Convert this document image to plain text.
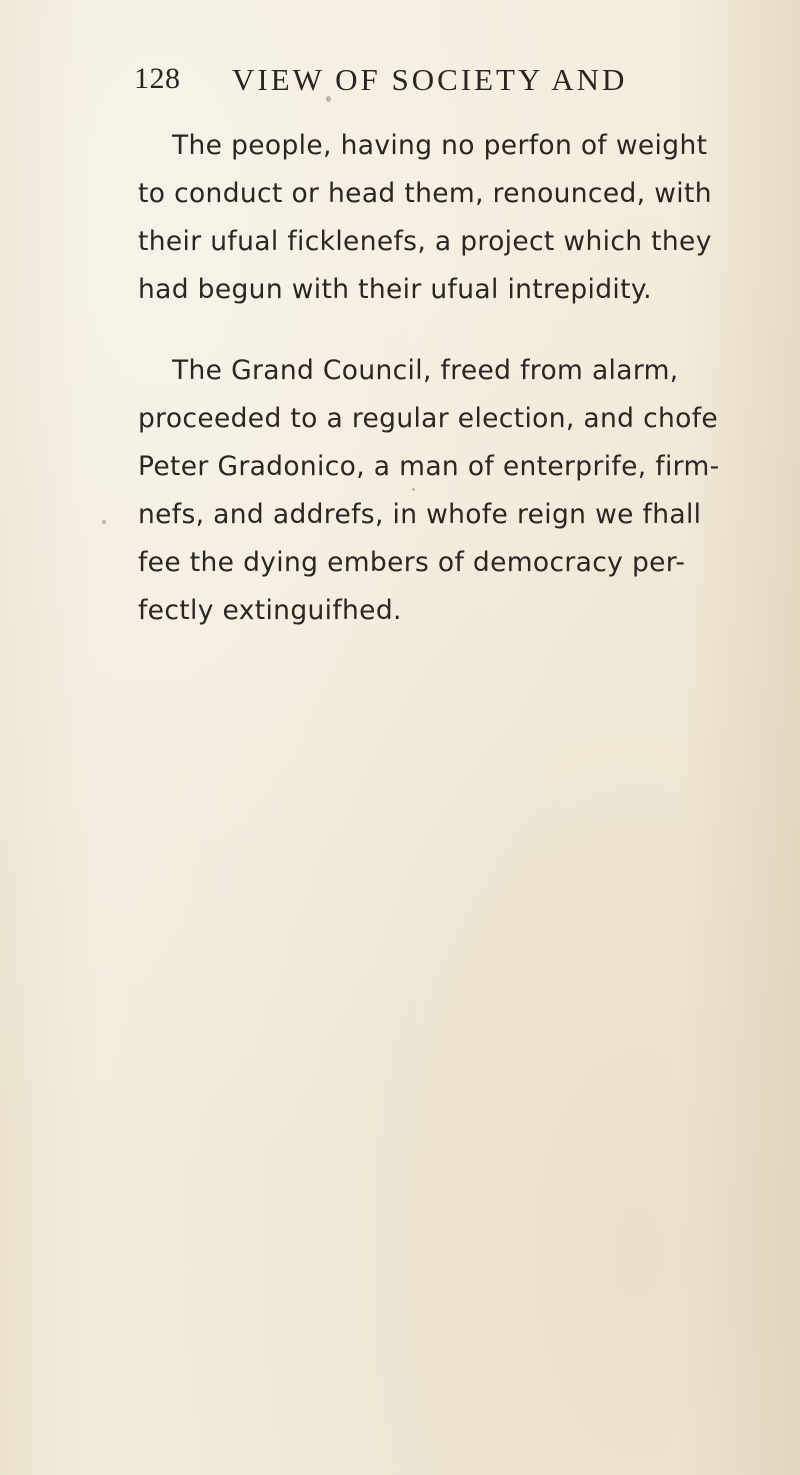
128 VIEW OF SOCIETY AND

The people, having no perfon of weight
to conduct or head them, renounced, with
their ufual ficklenefs, a project which they
had begun with their ufual intrepidity.

The Grand Council, freed from alarm,
proceeded to a regular election, and chofe
Peter Gradonico, a man of enterprife, firm-
nefs, and addrefs, in whofe reign we fhall
fee the dying embers of democracy per-
fectly extinguifhed.
